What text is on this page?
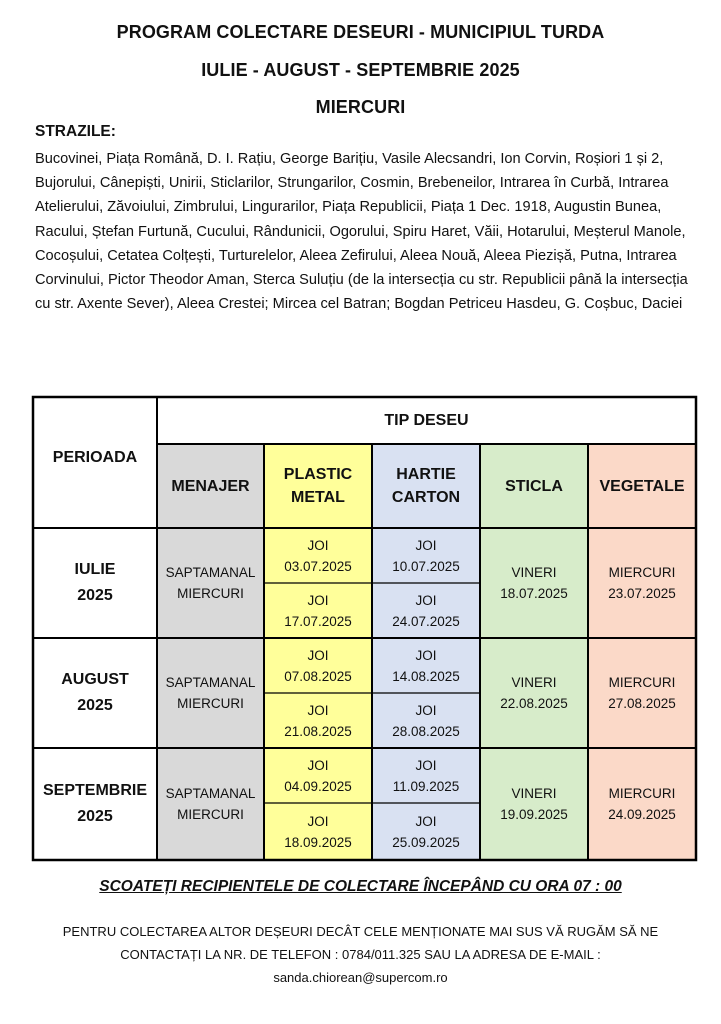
PROGRAM COLECTARE DESEURI - MUNICIPIUL TURDA
IULIE - AUGUST - SEPTEMBRIE 2025
MIERCURI
STRAZILE:
Bucovinei, Piața Română, D. I. Rațiu, George Barițiu, Vasile Alecsandri, Ion Corvin, Roșiori 1 și 2, Bujorului, Cânepiști, Unirii, Sticlarilor, Strungarilor, Cosmin, Brebeneilor, Intrarea în Curbă, Intrarea Atelierului, Zăvoiului, Zimbrului, Lingurarilor, Piața Republicii, Piața 1 Dec. 1918, Augustin Bunea, Racului, Ștefan Furtună, Cucului, Rândunicii, Ogorului, Spiru Haret, Văii, Hotarului, Meșterul Manole, Cocoșului, Cetatea Colțești, Turturelelor, Aleea Zefirului, Aleea Nouă, Aleea Piezișă, Putna, Intrarea Corvinului, Pictor Theodor Aman, Sterca Suluțiu (de la intersecția cu str. Republicii până la intersecția cu str. Axente Sever), Aleea Crestei; Mircea cel Batran; Bogdan Petriceu Hasdeu, G. Coșbuc, Daciei
PERIOADA
TIP DESEU
MENAJER
PLASTIC
METAL
HARTIE
CARTON
STICLA VEGETALE
IULIE
2025
SAPTAMANAL
MIERCURI
JOI
03.07.2025
JOI
17.07.2025
JOI
10.07.2025
JOI
24.07.2025
VINERI
18.07.2025
MIERCURI
23.07.2025
AUGUST
2025
SAPTAMANAL
MIERCURI
JOI
07.08.2025
JOI
21.08.2025
JOI
14.08.2025
JOI
28.08.2025
VINERI
22.08.2025
MIERCURI
27.08.2025
SEPTEMBRIE
2025
SAPTAMANAL
MIERCURI
JOI
04.09.2025
JOI
18.09.2025
JOI
11.09.2025
JOI
25.09.2025
VINERI
19.09.2025
MIERCURI
24.09.2025
SCOATEȚI RECIPIENTELE DE COLECTARE ÎNCEPÂND CU ORA 07 : 00
PENTRU COLECTAREA ALTOR DEȘEURI DECÂT CELE MENȚIONATE MAI SUS VĂ RUGĂM SĂ NE
CONTACTAȚI LA NR. DE TELEFON : 0784/011.325 SAU LA ADRESA DE E-MAIL :
sanda.chiorean@supercom.ro
